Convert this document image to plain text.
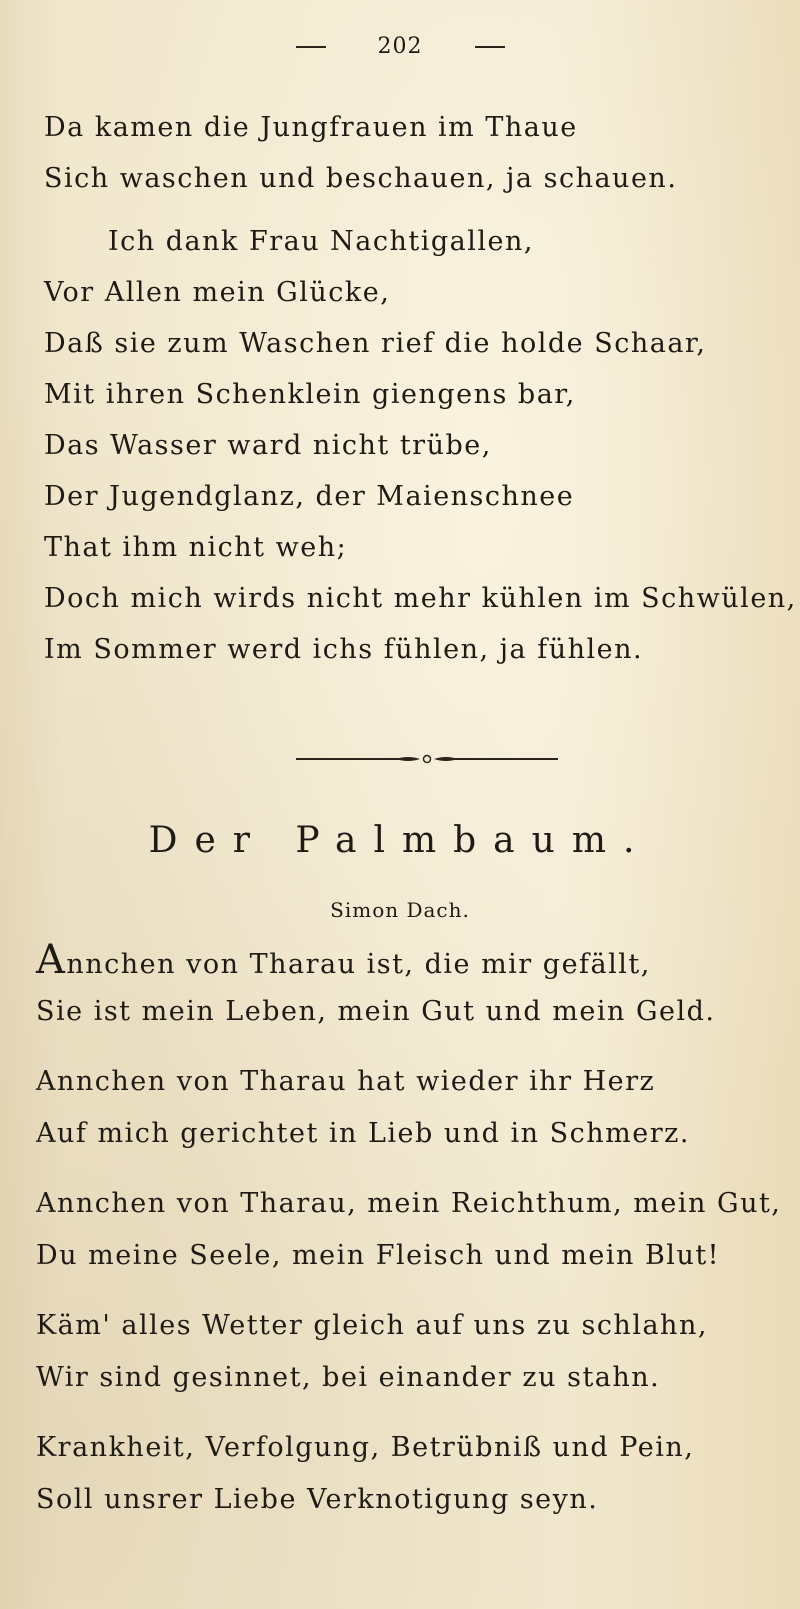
202
Da kamen die Jungfrauen im Thaue
Sich waschen und beschauen, ja schauen.
Ich dank Frau Nachtigallen,
Vor Allen mein Glücke,
Daß sie zum Waschen rief die holde Schaar,
Mit ihren Schenklein giengens bar,
Das Wasser ward nicht trübe,
Der Jugendglanz, der Maienschnee
That ihm nicht weh;
Doch mich wirds nicht mehr kühlen im Schwülen,
Im Sommer werd ichs fühlen, ja fühlen.
Der Palmbaum.
Simon Dach.
Annchen von Tharau ist, die mir gefällt,
Sie ist mein Leben, mein Gut und mein Geld.
Annchen von Tharau hat wieder ihr Herz
Auf mich gerichtet in Lieb und in Schmerz.
Annchen von Tharau, mein Reichthum, mein Gut,
Du meine Seele, mein Fleisch und mein Blut!
Käm' alles Wetter gleich auf uns zu schlahn,
Wir sind gesinnet, bei einander zu stahn.
Krankheit, Verfolgung, Betrübniß und Pein,
Soll unsrer Liebe Verknotigung seyn.
